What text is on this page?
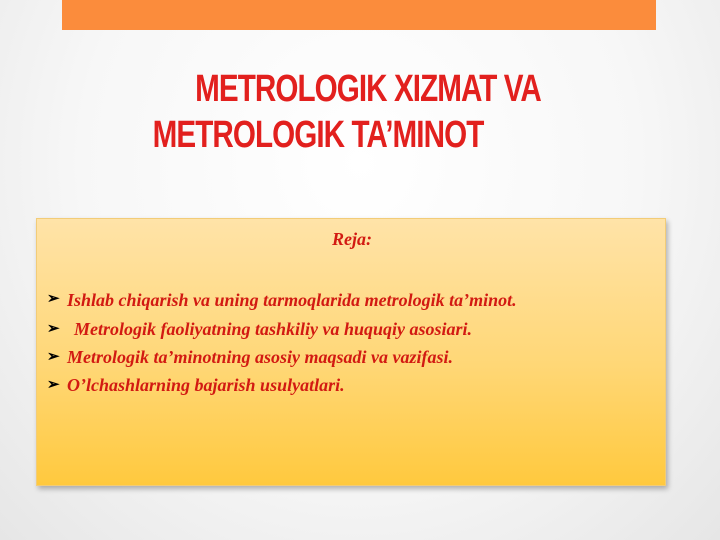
METROLOGIK XIZMAT VA
METROLOGIK TA’MINOT
Reja:
➢ Ishlab chiqarish va uning tarmoqlarida metrologik ta’minot.
➢ Metrologik faoliyatning tashkiliy va huquqiy asosiari.
➢ Metrologik ta’minotning asosiy maqsadi va vazifasi.
➢ O’lchashlarning bajarish usulyatlari.
